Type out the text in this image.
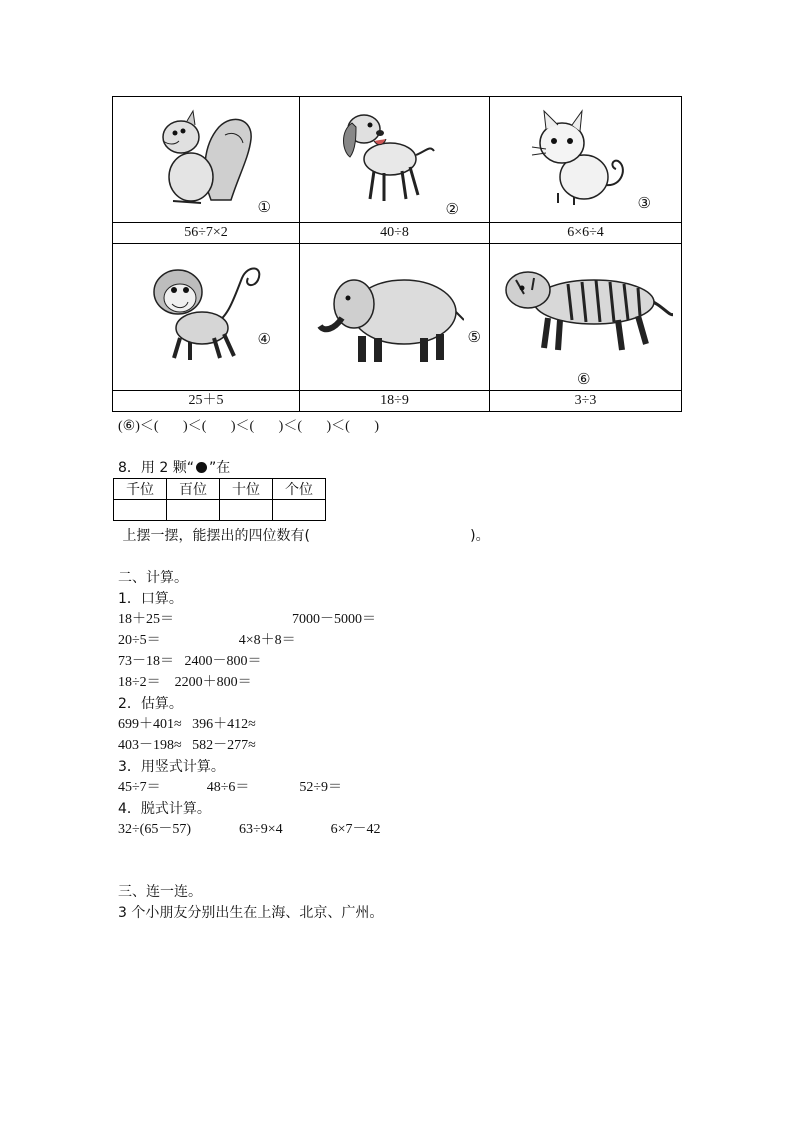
①	②	③

56÷7×2	40÷8	6×6÷4

④	⑤	⑥

25＋5	18÷9	3÷3
(⑥)＜(       )＜(       )＜(       )＜(       )＜(       )
8．用 2 颗“ ”在
千位	百位	十位	个位

上摆一摆，能摆出的四位数有(                                    )。
二、计算。
1．口算。
18＋25＝	7000－5000＝
20÷5＝	4×8＋8＝
73－18＝   2400－800＝
18÷2＝    2200＋800＝
2．估算。
699＋401≈   396＋412≈
403－198≈   582－277≈
3．用竖式计算。
45÷7＝	48÷6＝	52÷9＝
4．脱式计算。
32÷(65－57)	63÷9×4	6×7－42
三、连一连。
3 个小朋友分别出生在上海、北京、广州。
